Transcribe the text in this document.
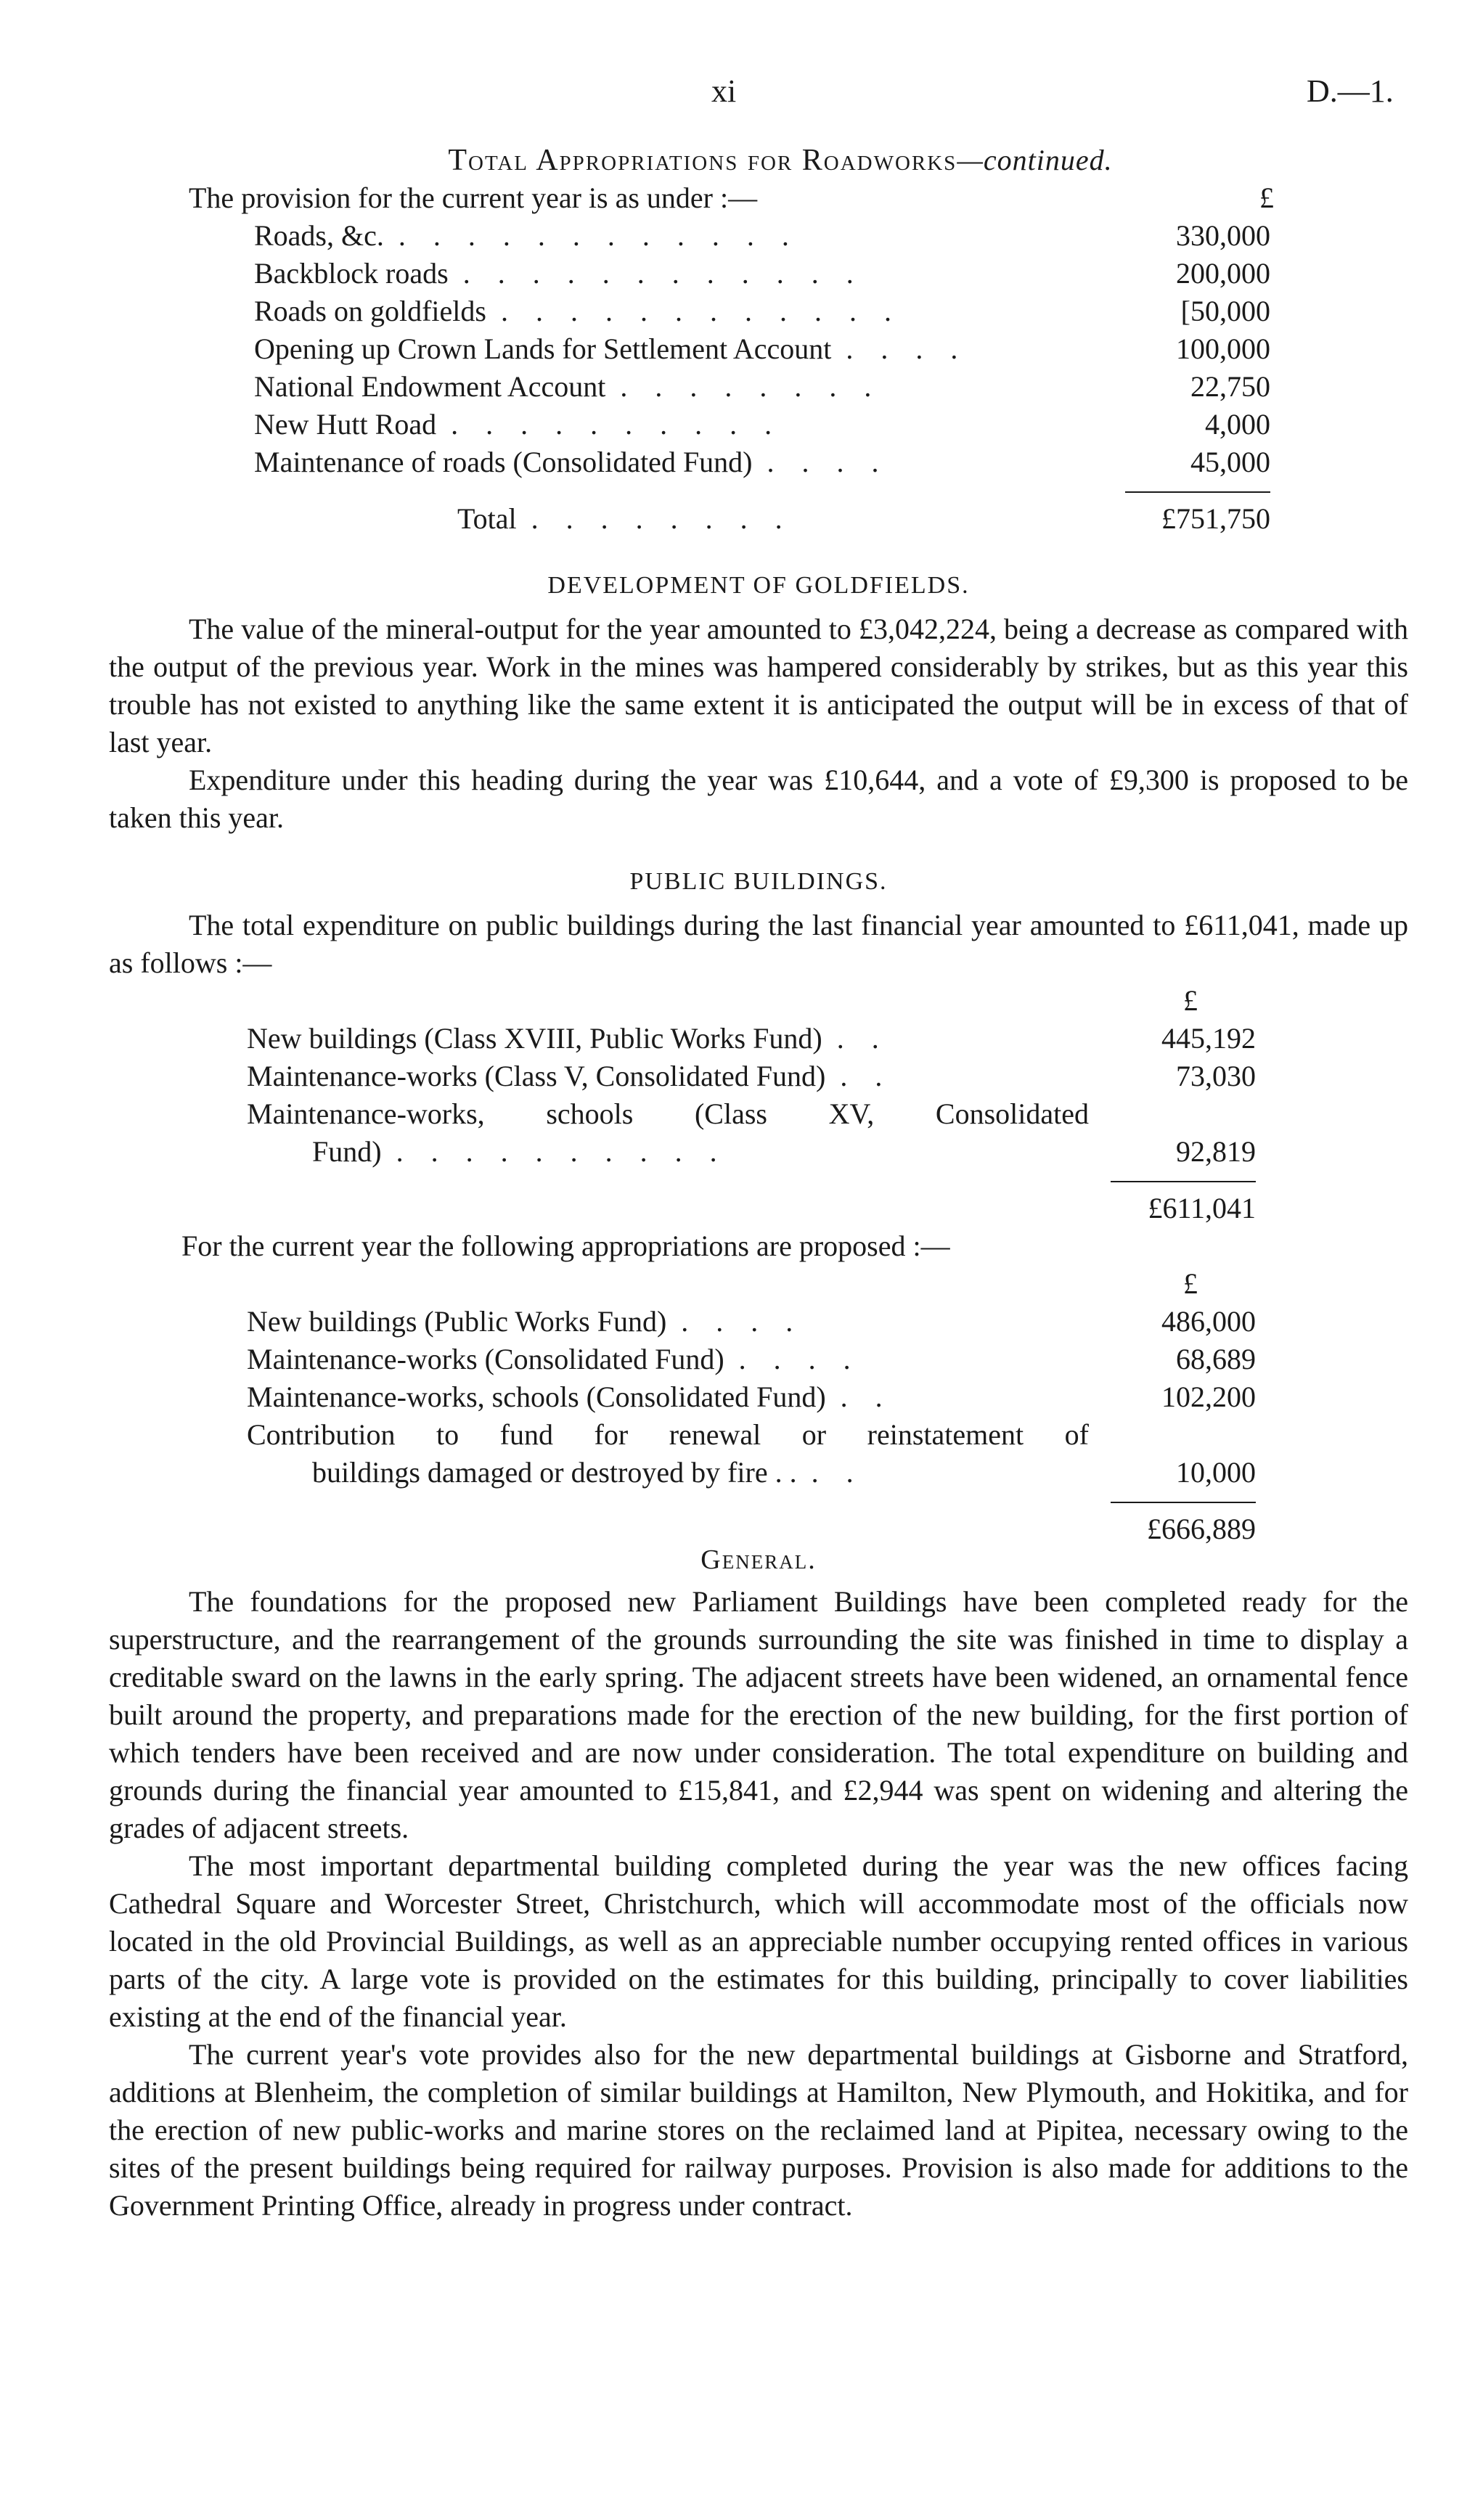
xi	D.—1.
Total Appropriations for Roadworks—continued.
The provision for the current year is as under :—	£
Roads, &c. . . . . . . . . . . . .	330,000
Backblock roads . . . . . . . . . . . .	200,000
Roads on goldfields . . . . . . . . . . . .	[50,000
Opening up Crown Lands for Settlement Account . . . .	100,000
National Endowment Account . . . . . . . .	22,750
New Hutt Road . . . . . . . . . .	4,000
Maintenance of roads (Consolidated Fund) . . . .	45,000
Total . . . . . . . .	£751,750
DEVELOPMENT OF GOLDFIELDS.

The value of the mineral-output for the year amounted to £3,042,224, being a decrease as compared with the output of the previous year. Work in the mines was hampered considerably by strikes, but as this year this trouble has not existed to anything like the same extent it is anticipated the output will be in excess of that of last year.

Expenditure under this heading during the year was £10,644, and a vote of £9,300 is proposed to be taken this year.

PUBLIC BUILDINGS.

The total expenditure on public buildings during the last financial year amounted to £611,041, made up as follows :—

£
New buildings (Class XVIII, Public Works Fund) . .	445,192
Maintenance-works (Class V, Consolidated Fund) . .	73,030
Maintenance-works, schools (Class XV, Consolidated
Fund) . . . . . . . . . .	92,819
£611,041
For the current year the following appropriations are proposed :—
£
New buildings (Public Works Fund) . . . .	486,000
Maintenance-works (Consolidated Fund) . . . .	68,689
Maintenance-works, schools (Consolidated Fund) . .	102,200
Contribution to fund for renewal or reinstatement of
buildings damaged or destroyed by fire . . . .	10,000
£666,889
General.

The foundations for the proposed new Parliament Buildings have been completed ready for the superstructure, and the rearrangement of the grounds surrounding the site was finished in time to display a creditable sward on the lawns in the early spring. The adjacent streets have been widened, an ornamental fence built around the property, and preparations made for the erection of the new building, for the first portion of which tenders have been received and are now under consideration. The total expenditure on building and grounds during the financial year amounted to £15,841, and £2,944 was spent on widening and altering the grades of adjacent streets.

The most important departmental building completed during the year was the new offices facing Cathedral Square and Worcester Street, Christchurch, which will accommodate most of the officials now located in the old Provincial Buildings, as well as an appreciable number occupying rented offices in various parts of the city. A large vote is provided on the estimates for this building, principally to cover liabilities existing at the end of the financial year.

The current year's vote provides also for the new departmental buildings at Gisborne and Stratford, additions at Blenheim, the completion of similar buildings at Hamilton, New Plymouth, and Hokitika, and for the erection of new public-works and marine stores on the reclaimed land at Pipitea, necessary owing to the sites of the present buildings being required for railway purposes. Provision is also made for additions to the Government Printing Office, already in progress under contract.
